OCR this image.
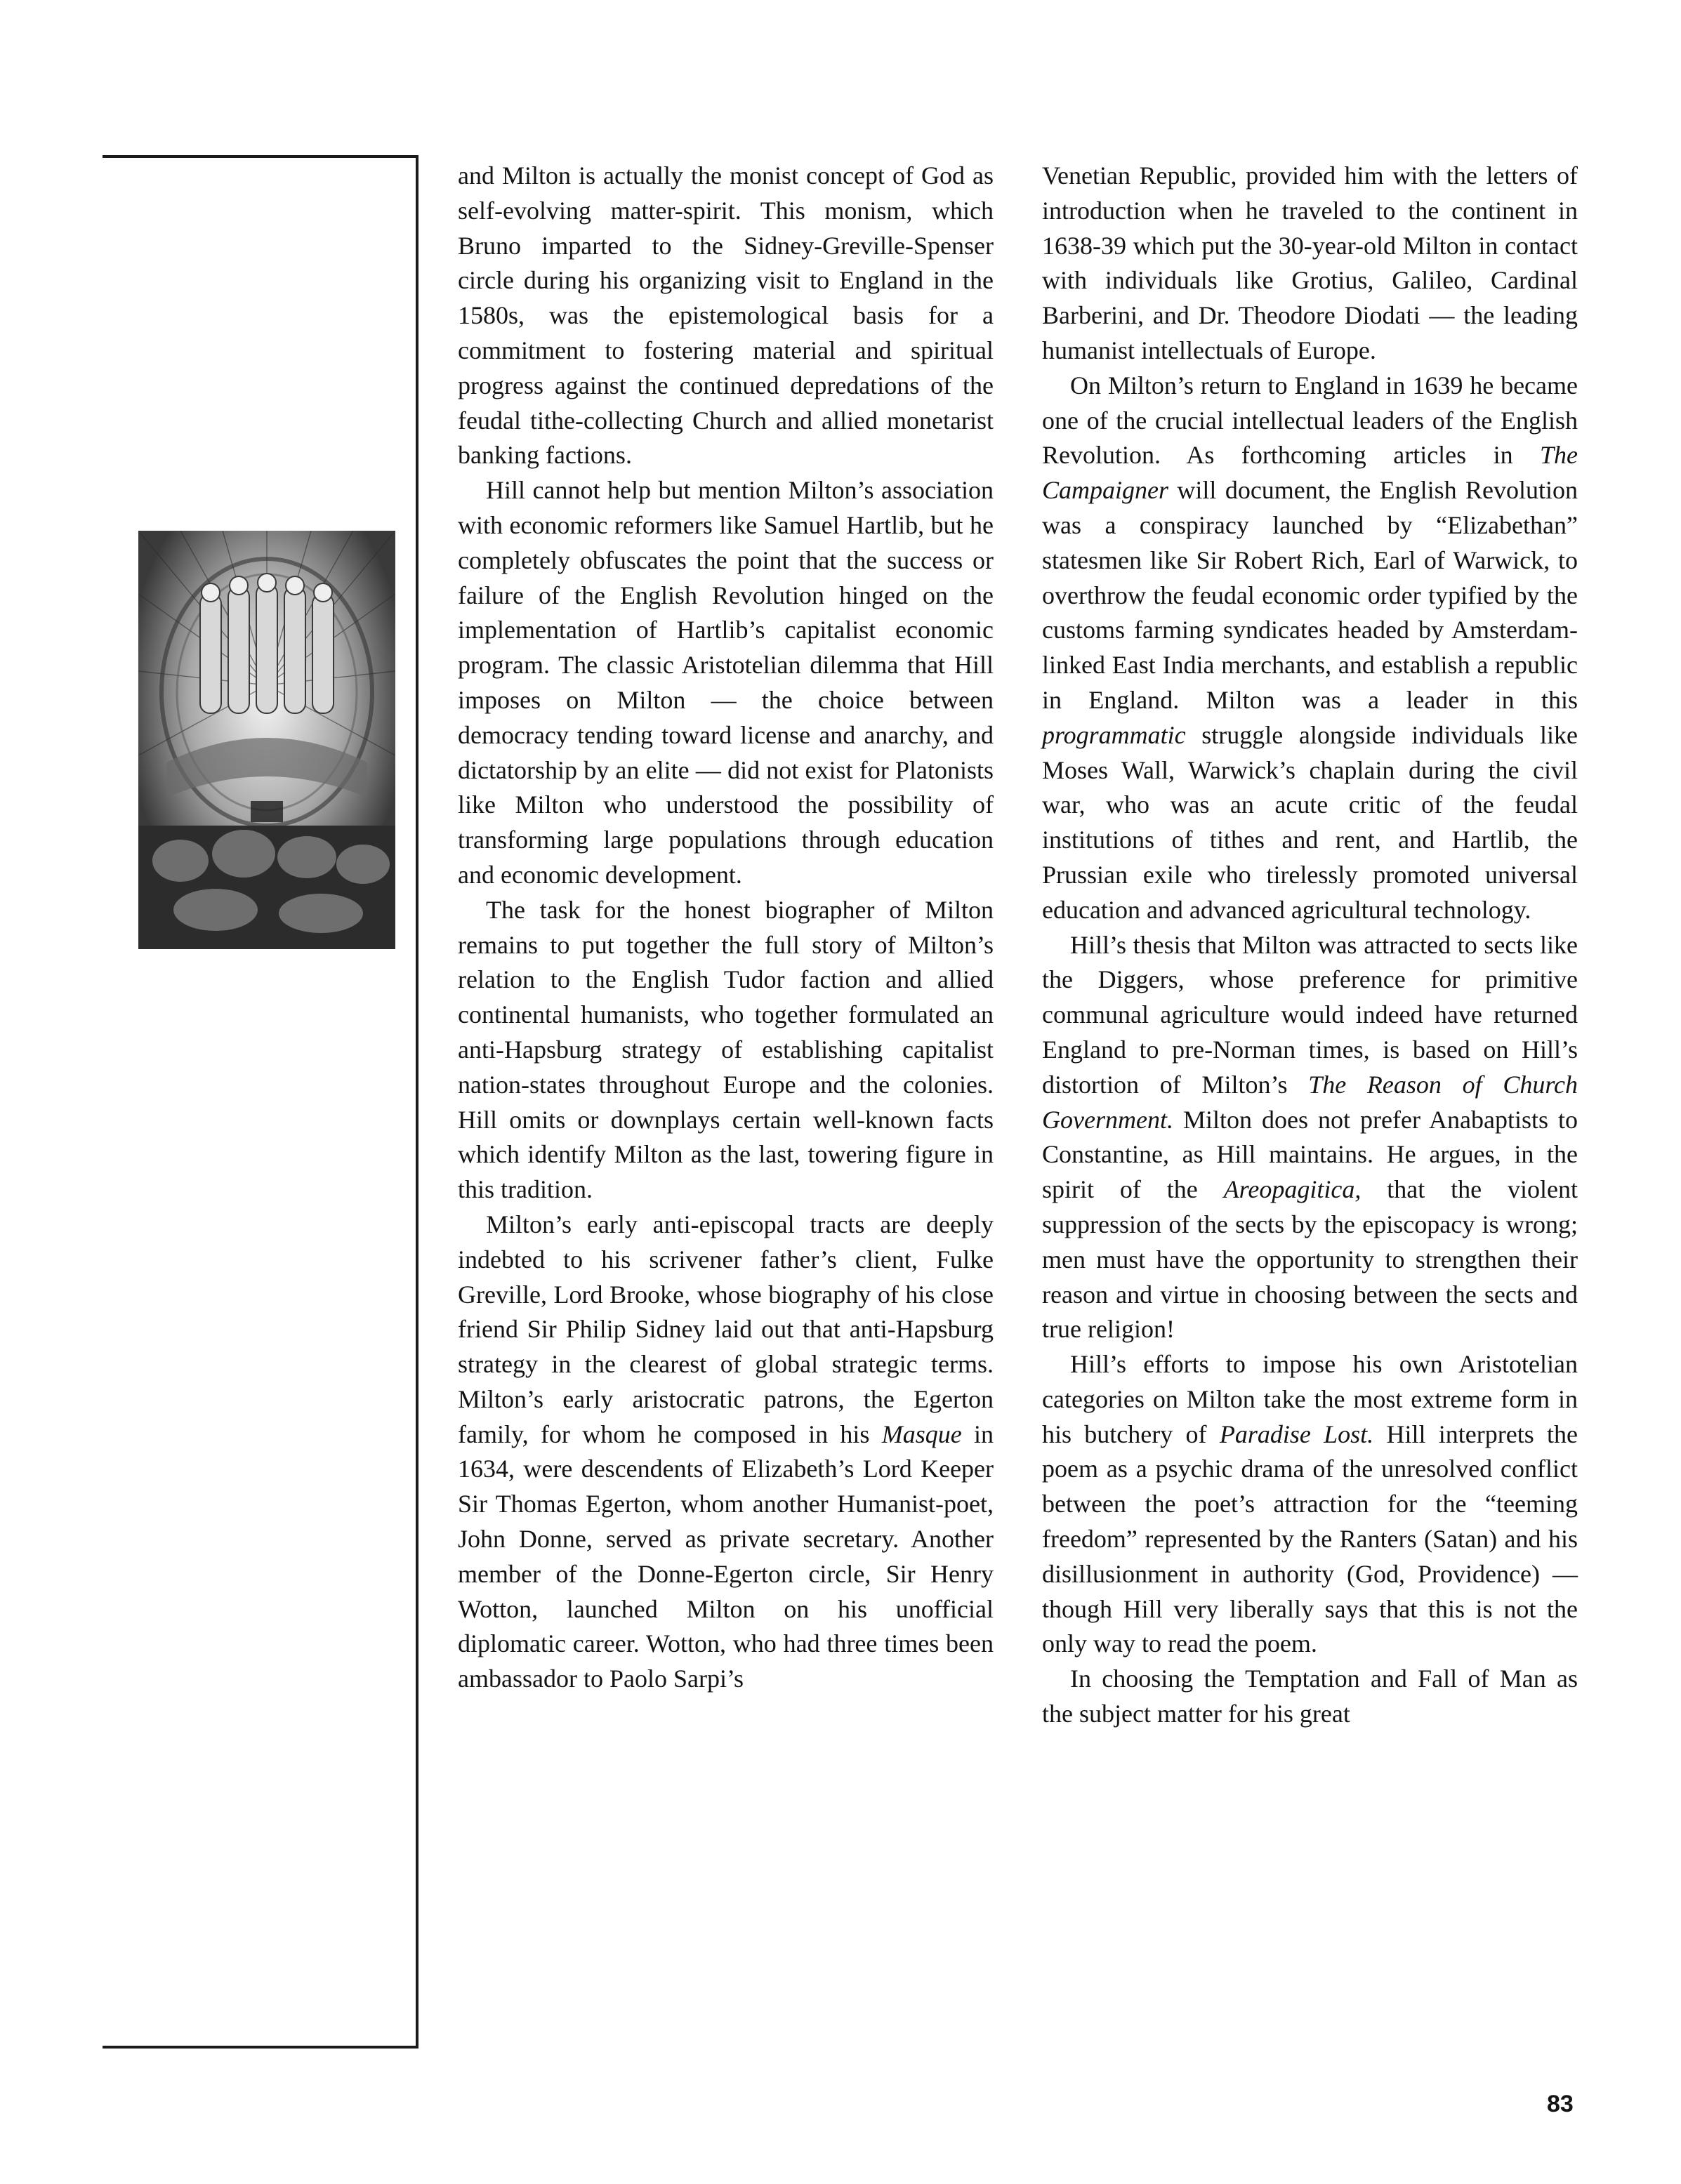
and Milton is actually the monist concept of God as self-evolving matter-spirit. This monism, which Bruno imparted to the Sidney-Greville-Spenser circle during his organizing visit to England in the 1580s, was the epistemological basis for a commitment to fostering material and spiritual progress against the continued depredations of the feudal tithe-collecting Church and allied monetarist banking factions.

Hill cannot help but mention Milton’s association with economic reformers like Samuel Hartlib, but he completely obfuscates the point that the success or failure of the English Revolution hinged on the implementation of Hartlib’s capitalist economic program. The classic Aristotelian dilemma that Hill imposes on Milton — the choice between democracy tending toward license and anarchy, and dictatorship by an elite — did not exist for Platonists like Milton who understood the possibility of transforming large populations through education and economic development.

The task for the honest biographer of Milton remains to put together the full story of Milton’s relation to the English Tudor faction and allied continental humanists, who together formulated an anti-Hapsburg strategy of establishing capitalist nation-states throughout Europe and the colonies. Hill omits or downplays certain well-known facts which identify Milton as the last, towering figure in this tradition.

Milton’s early anti-episcopal tracts are deeply indebted to his scrivener father’s client, Fulke Greville, Lord Brooke, whose biography of his close friend Sir Philip Sidney laid out that anti-Hapsburg strategy in the clearest of global strategic terms. Milton’s early aristocratic patrons, the Egerton family, for whom he composed in his Masque in 1634, were descendents of Elizabeth’s Lord Keeper Sir Thomas Egerton, whom another Humanist-poet, John Donne, served as private secretary. Another member of the Donne-Egerton circle, Sir Henry Wotton, launched Milton on his unofficial diplomatic career. Wotton, who had three times been ambassador to Paolo Sarpi’s

Venetian Republic, provided him with the letters of introduction when he traveled to the continent in 1638-39 which put the 30-year-old Milton in contact with individuals like Grotius, Galileo, Cardinal Barberini, and Dr. Theodore Diodati — the leading humanist intellectuals of Europe.

On Milton’s return to England in 1639 he became one of the crucial intellectual leaders of the English Revolution. As forthcoming articles in The Campaigner will document, the English Revolution was a conspiracy launched by “Elizabethan” statesmen like Sir Robert Rich, Earl of Warwick, to overthrow the feudal economic order typified by the customs farming syndicates headed by Amsterdam-linked East India merchants, and establish a republic in England. Milton was a leader in this programmatic struggle alongside individuals like Moses Wall, Warwick’s chaplain during the civil war, who was an acute critic of the feudal institutions of tithes and rent, and Hartlib, the Prussian exile who tirelessly promoted universal education and advanced agricultural technology.

Hill’s thesis that Milton was attracted to sects like the Diggers, whose preference for primitive communal agriculture would indeed have returned England to pre-Norman times, is based on Hill’s distortion of Milton’s The Reason of Church Government. Milton does not prefer Anabaptists to Constantine, as Hill maintains. He argues, in the spirit of the Areopagitica, that the violent suppression of the sects by the episcopacy is wrong; men must have the opportunity to strengthen their reason and virtue in choosing between the sects and true religion!

Hill’s efforts to impose his own Aristotelian categories on Milton take the most extreme form in his butchery of Paradise Lost. Hill interprets the poem as a psychic drama of the unresolved conflict between the poet’s attraction for the “teeming freedom” represented by the Ranters (Satan) and his disillusionment in authority (God, Providence) — though Hill very liberally says that this is not the only way to read the poem.

In choosing the Temptation and Fall of Man as the subject matter for his great

83
